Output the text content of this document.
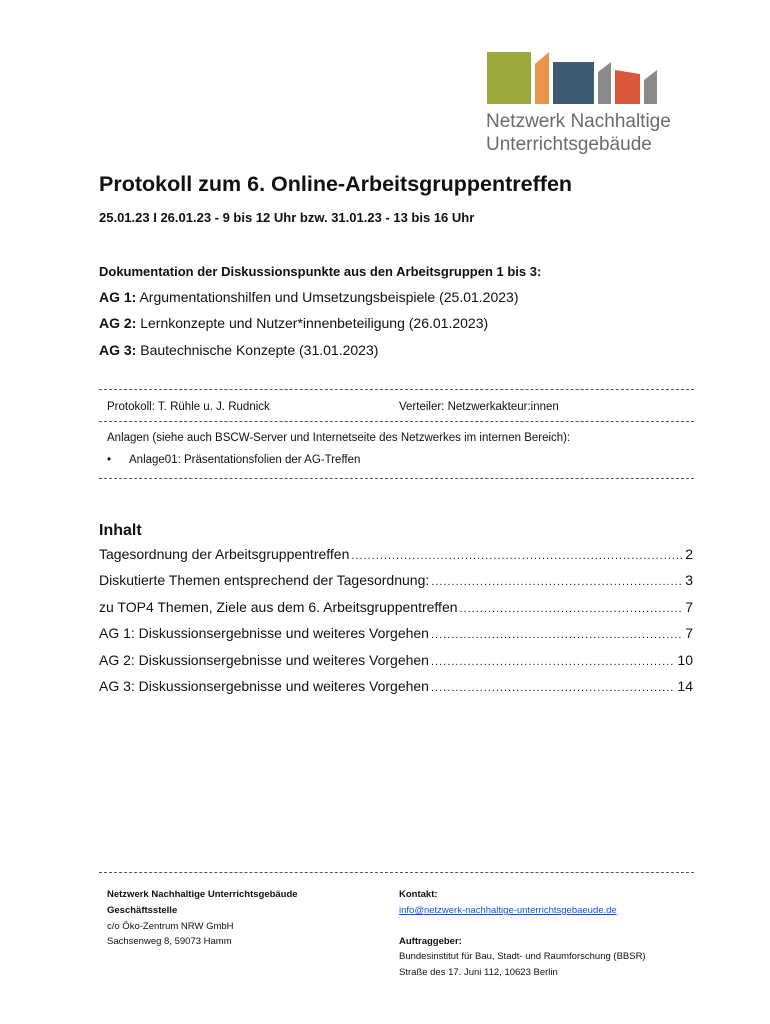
Netzwerk Nachhaltige
Unterrichtsgebäude
Protokoll zum 6. Online-Arbeitsgruppentreffen
25.01.23 I 26.01.23 - 9 bis 12 Uhr bzw. 31.01.23 - 13 bis 16 Uhr
Dokumentation der Diskussionspunkte aus den Arbeitsgruppen 1 bis 3:
AG 1: Argumentationshilfen und Umsetzungsbeispiele (25.01.2023)
AG 2: Lernkonzepte und Nutzer*innenbeteiligung (26.01.2023)
AG 3: Bautechnische Konzepte (31.01.2023)
Protokoll: T. Rühle u. J. Rudnick	Verteiler: Netzwerkakteur:innen
Anlagen (siehe auch BSCW-Server und Internetseite des Netzwerkes im internen Bereich):
• Anlage01: Präsentationsfolien der AG-Treffen
Inhalt
Tagesordnung der Arbeitsgruppentreffen .....	2
Diskutierte Themen entsprechend der Tagesordnung: .....	3
zu TOP4 Themen, Ziele aus dem 6. Arbeitsgruppentreffen .....	7
AG 1: Diskussionsergebnisse und weiteres Vorgehen .....	7
AG 2: Diskussionsergebnisse und weiteres Vorgehen .....	10
AG 3: Diskussionsergebnisse und weiteres Vorgehen .....	14
Netzwerk Nachhaltige Unterrichtsgebäude
Geschäftsstelle
c/o Öko-Zentrum NRW GmbH
Sachsenweg 8, 59073 Hamm
Kontakt:
info@netzwerk-nachhaltige-unterrichtsgebaeude.de
Auftraggeber:
Bundesinstitut für Bau, Stadt- und Raumforschung (BBSR)
Straße des 17. Juni 112, 10623 Berlin
